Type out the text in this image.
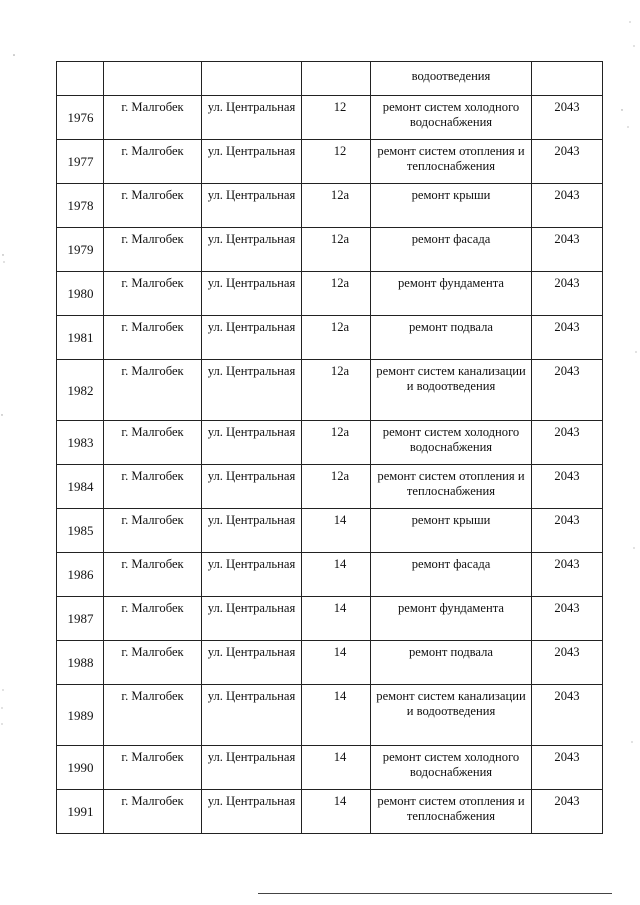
				водоотведения	
1976	г. Малгобек	ул. Центральная	12	ремонт систем холодного водоснабжения	2043
1977	г. Малгобек	ул. Центральная	12	ремонт систем отопления и теплоснабжения	2043
1978	г. Малгобек	ул. Центральная	12а	ремонт крыши	2043
1979	г. Малгобек	ул. Центральная	12а	ремонт фасада	2043
1980	г. Малгобек	ул. Центральная	12а	ремонт фундамента	2043
1981	г. Малгобек	ул. Центральная	12а	ремонт подвала	2043
1982	г. Малгобек	ул. Центральная	12а	ремонт систем канализации и водоотведения	2043
1983	г. Малгобек	ул. Центральная	12а	ремонт систем холодного водоснабжения	2043
1984	г. Малгобек	ул. Центральная	12а	ремонт систем отопления и теплоснабжения	2043
1985	г. Малгобек	ул. Центральная	14	ремонт крыши	2043
1986	г. Малгобек	ул. Центральная	14	ремонт фасада	2043
1987	г. Малгобек	ул. Центральная	14	ремонт фундамента	2043
1988	г. Малгобек	ул. Центральная	14	ремонт подвала	2043
1989	г. Малгобек	ул. Центральная	14	ремонт систем канализации и водоотведения	2043
1990	г. Малгобек	ул. Центральная	14	ремонт систем холодного водоснабжения	2043
1991	г. Малгобек	ул. Центральная	14	ремонт систем отопления и теплоснабжения	2043
